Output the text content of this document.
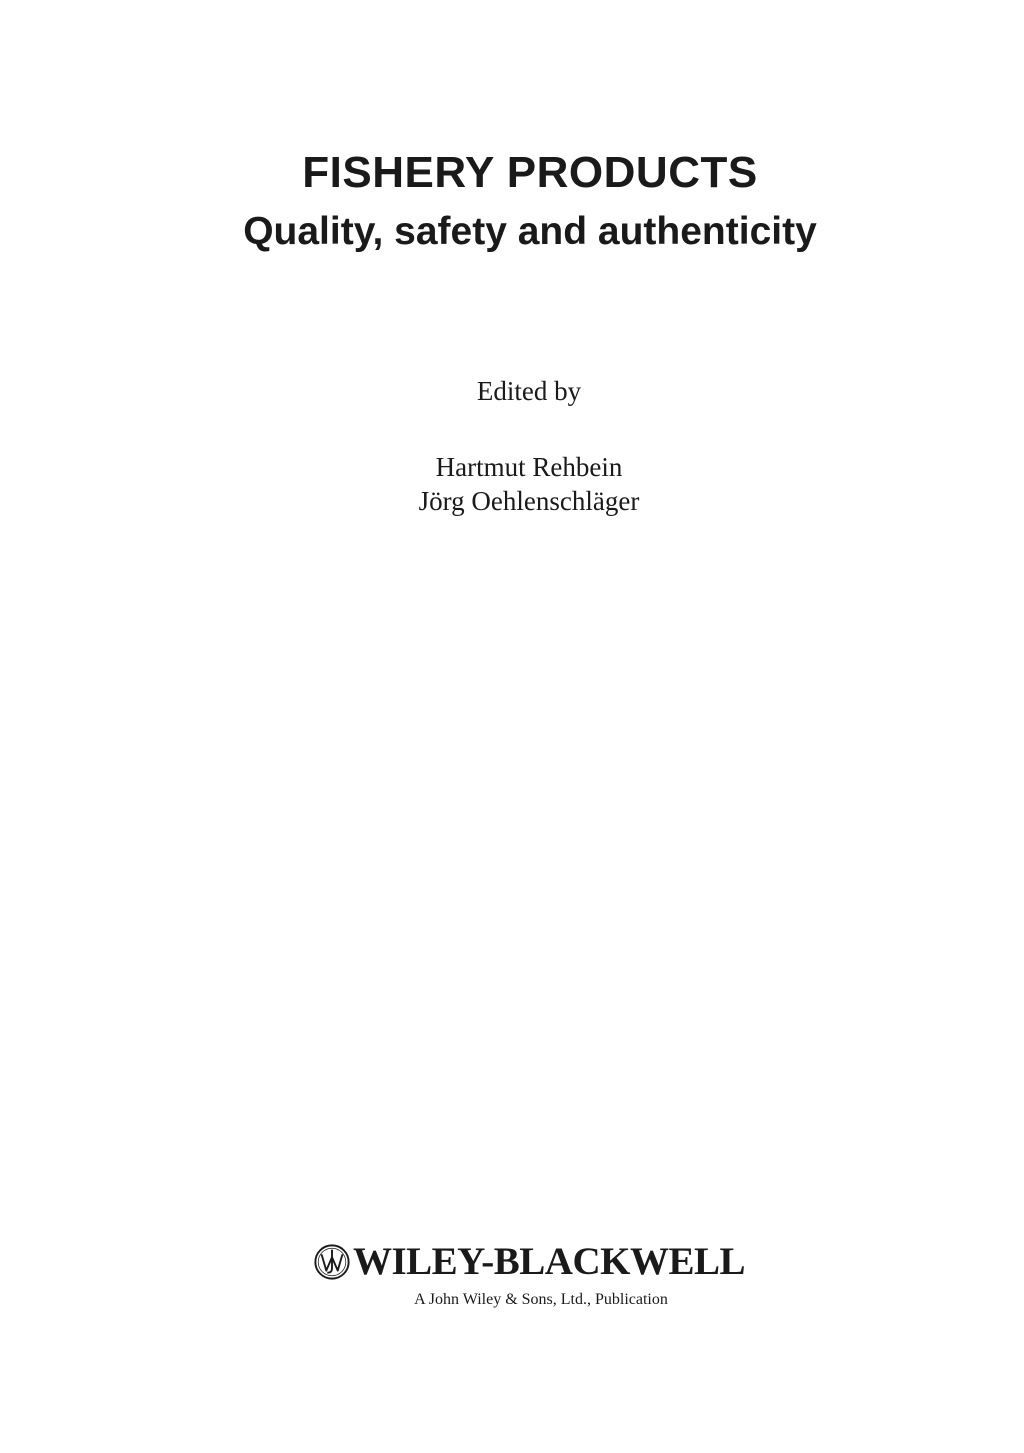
FISHERY PRODUCTS
Quality, safety and authenticity

Edited by

Hartmut Rehbein
Jörg Oehlenschläger
WILEY-BLACKWELL
A John Wiley & Sons, Ltd., Publication
